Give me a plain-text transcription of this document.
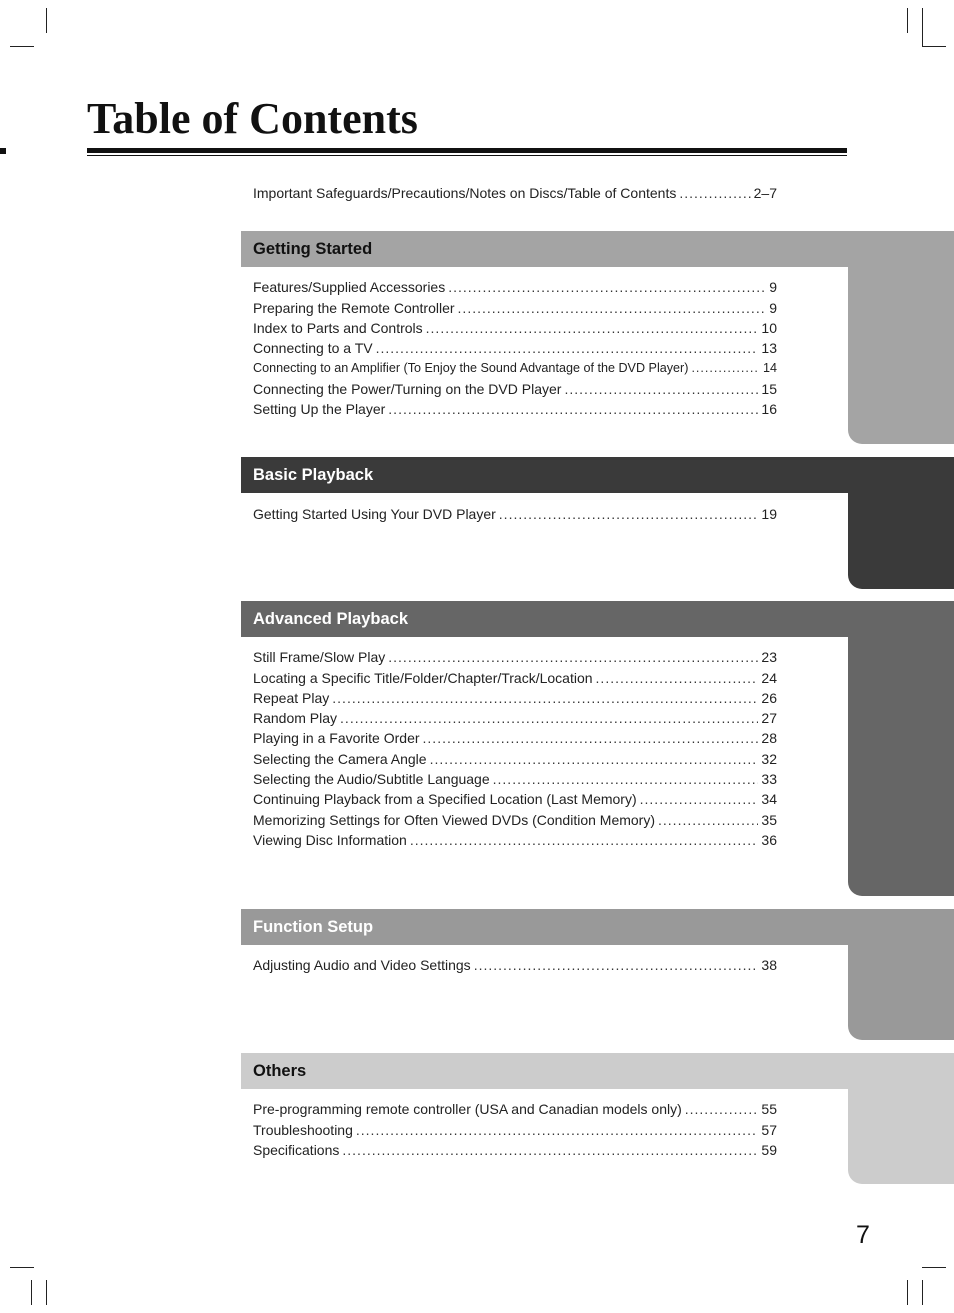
Table of Contents
Important Safeguards/Precautions/Notes on Discs/Table of Contents .....	2–7
Getting Started
Features/Supplied Accessories .....	9
Preparing the Remote Controller .....	9
Index to Parts and Controls .....	10
Connecting to a TV .....	13
Connecting to an Amplifier (To Enjoy the Sound Advantage of the DVD Player) .....	14
Connecting the Power/Turning on the DVD Player .....	15
Setting Up the Player .....	16
Basic Playback
Getting Started Using Your DVD Player .....	19
Advanced Playback
Still Frame/Slow Play .....	23
Locating a Specific Title/Folder/Chapter/Track/Location .....	24
Repeat Play .....	26
Random Play .....	27
Playing in a Favorite Order .....	28
Selecting the Camera Angle .....	32
Selecting the Audio/Subtitle Language .....	33
Continuing Playback from a Specified Location (Last Memory) .....	34
Memorizing Settings for Often Viewed DVDs (Condition Memory) .....	35
Viewing Disc Information .....	36
Function Setup
Adjusting Audio and Video Settings .....	38
Others
Pre-programming remote controller (USA and Canadian models only) .....	55
Troubleshooting .....	57
Specifications .....	59
7
